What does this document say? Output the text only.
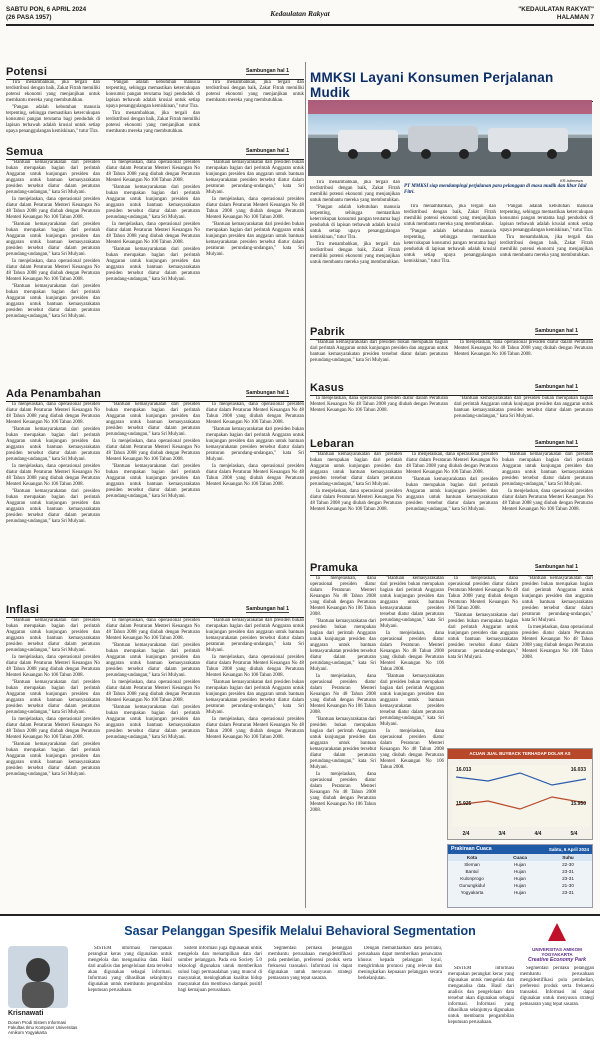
SABTU PON, 6 APRIL 2024
(26 PASA 1957)	Kedaulatan Rakyat	"KEDAULATAN RAKYAT"
HALAMAN 7
Potensi	Sambungan hal 1

Tira menambahkan, jika tergali dan terdistribusi dengan baik, Zakat Fitrah memiliki potensi ekonomi yang menjanjikan untuk membantu mereka yang membutuhkan.

"Pangan adalah kebutuhan manusia terpenting, sehingga memastikan ketercukupan konsumsi pangan terutama bagi penduduk di lapisan terbawah adalah krusial untuk setiap upaya penanggulangan kemiskinan," tutur Tira.

"Pangan adalah kebutuhan manusia terpenting, sehingga memastikan ketercukupan konsumsi pangan terutama bagi penduduk di lapisan terbawah adalah krusial untuk setiap upaya penanggulangan kemiskinan," tutur Tira.

Tira menambahkan, jika tergali dan terdistribusi dengan baik, Zakat Fitrah memiliki potensi ekonomi yang menjanjikan untuk membantu mereka yang membutuhkan.

Tira menambahkan, jika tergali dan terdistribusi dengan baik, Zakat Fitrah memiliki potensi ekonomi yang menjanjikan untuk membantu mereka yang membutuhkan.

Semua	Sambungan hal 1

"Bantuan kemasyarakatan dari presiden bukan merupakan bagian dari perintah Anggaran untuk kunjungan presiden dan anggaran untuk bantuan kemasyarakatan presiden tersebut diatur dalam peraturan perundang-undangan," kata Sri Mulyani.

Ia menjelaskan, dana operasional presiden diatur dalam Peraturan Menteri Keuangan No 48 Tahun 2008 yang diubah dengan Peraturan Menteri Keuangan No 106 Tahun 2008.

"Bantuan kemasyarakatan dari presiden bukan merupakan bagian dari perintah Anggaran untuk kunjungan presiden dan anggaran untuk bantuan kemasyarakatan presiden tersebut diatur dalam peraturan perundang-undangan," kata Sri Mulyani.

Ia menjelaskan, dana operasional presiden diatur dalam Peraturan Menteri Keuangan No 48 Tahun 2008 yang diubah dengan Peraturan Menteri Keuangan No 106 Tahun 2008.

"Bantuan kemasyarakatan dari presiden bukan merupakan bagian dari perintah Anggaran untuk kunjungan presiden dan anggaran untuk bantuan kemasyarakatan presiden tersebut diatur dalam peraturan perundang-undangan," kata Sri Mulyani.

Ia menjelaskan, dana operasional presiden diatur dalam Peraturan Menteri Keuangan No 48 Tahun 2008 yang diubah dengan Peraturan Menteri Keuangan No 106 Tahun 2008.

"Bantuan kemasyarakatan dari presiden bukan merupakan bagian dari perintah Anggaran untuk kunjungan presiden dan anggaran untuk bantuan kemasyarakatan presiden tersebut diatur dalam peraturan perundang-undangan," kata Sri Mulyani.

Ia menjelaskan, dana operasional presiden diatur dalam Peraturan Menteri Keuangan No 48 Tahun 2008 yang diubah dengan Peraturan Menteri Keuangan No 106 Tahun 2008.

"Bantuan kemasyarakatan dari presiden bukan merupakan bagian dari perintah Anggaran untuk kunjungan presiden dan anggaran untuk bantuan kemasyarakatan presiden tersebut diatur dalam peraturan perundang-undangan," kata Sri Mulyani.

"Bantuan kemasyarakatan dari presiden bukan merupakan bagian dari perintah Anggaran untuk kunjungan presiden dan anggaran untuk bantuan kemasyarakatan presiden tersebut diatur dalam peraturan perundang-undangan," kata Sri Mulyani.

Ia menjelaskan, dana operasional presiden diatur dalam Peraturan Menteri Keuangan No 48 Tahun 2008 yang diubah dengan Peraturan Menteri Keuangan No 106 Tahun 2008.

"Bantuan kemasyarakatan dari presiden bukan merupakan bagian dari perintah Anggaran untuk kunjungan presiden dan anggaran untuk bantuan kemasyarakatan presiden tersebut diatur dalam peraturan perundang-undangan," kata Sri Mulyani.

Ada Penambahan	Sambungan hal 1

Ia menjelaskan, dana operasional presiden diatur dalam Peraturan Menteri Keuangan No 48 Tahun 2008 yang diubah dengan Peraturan Menteri Keuangan No 106 Tahun 2008.

"Bantuan kemasyarakatan dari presiden bukan merupakan bagian dari perintah Anggaran untuk kunjungan presiden dan anggaran untuk bantuan kemasyarakatan presiden tersebut diatur dalam peraturan perundang-undangan," kata Sri Mulyani.

Ia menjelaskan, dana operasional presiden diatur dalam Peraturan Menteri Keuangan No 48 Tahun 2008 yang diubah dengan Peraturan Menteri Keuangan No 106 Tahun 2008.

"Bantuan kemasyarakatan dari presiden bukan merupakan bagian dari perintah Anggaran untuk kunjungan presiden dan anggaran untuk bantuan kemasyarakatan presiden tersebut diatur dalam peraturan perundang-undangan," kata Sri Mulyani.

"Bantuan kemasyarakatan dari presiden bukan merupakan bagian dari perintah Anggaran untuk kunjungan presiden dan anggaran untuk bantuan kemasyarakatan presiden tersebut diatur dalam peraturan perundang-undangan," kata Sri Mulyani.

Ia menjelaskan, dana operasional presiden diatur dalam Peraturan Menteri Keuangan No 48 Tahun 2008 yang diubah dengan Peraturan Menteri Keuangan No 106 Tahun 2008.

"Bantuan kemasyarakatan dari presiden bukan merupakan bagian dari perintah Anggaran untuk kunjungan presiden dan anggaran untuk bantuan kemasyarakatan presiden tersebut diatur dalam peraturan perundang-undangan," kata Sri Mulyani.

Ia menjelaskan, dana operasional presiden diatur dalam Peraturan Menteri Keuangan No 48 Tahun 2008 yang diubah dengan Peraturan Menteri Keuangan No 106 Tahun 2008.

"Bantuan kemasyarakatan dari presiden bukan merupakan bagian dari perintah Anggaran untuk kunjungan presiden dan anggaran untuk bantuan kemasyarakatan presiden tersebut diatur dalam peraturan perundang-undangan," kata Sri Mulyani.

Ia menjelaskan, dana operasional presiden diatur dalam Peraturan Menteri Keuangan No 48 Tahun 2008 yang diubah dengan Peraturan Menteri Keuangan No 106 Tahun 2008.

Inflasi	Sambungan hal 1

"Bantuan kemasyarakatan dari presiden bukan merupakan bagian dari perintah Anggaran untuk kunjungan presiden dan anggaran untuk bantuan kemasyarakatan presiden tersebut diatur dalam peraturan perundang-undangan," kata Sri Mulyani.

Ia menjelaskan, dana operasional presiden diatur dalam Peraturan Menteri Keuangan No 48 Tahun 2008 yang diubah dengan Peraturan Menteri Keuangan No 106 Tahun 2008.

"Bantuan kemasyarakatan dari presiden bukan merupakan bagian dari perintah Anggaran untuk kunjungan presiden dan anggaran untuk bantuan kemasyarakatan presiden tersebut diatur dalam peraturan perundang-undangan," kata Sri Mulyani.

Ia menjelaskan, dana operasional presiden diatur dalam Peraturan Menteri Keuangan No 48 Tahun 2008 yang diubah dengan Peraturan Menteri Keuangan No 106 Tahun 2008.

"Bantuan kemasyarakatan dari presiden bukan merupakan bagian dari perintah Anggaran untuk kunjungan presiden dan anggaran untuk bantuan kemasyarakatan presiden tersebut diatur dalam peraturan perundang-undangan," kata Sri Mulyani.

Ia menjelaskan, dana operasional presiden diatur dalam Peraturan Menteri Keuangan No 48 Tahun 2008 yang diubah dengan Peraturan Menteri Keuangan No 106 Tahun 2008.

"Bantuan kemasyarakatan dari presiden bukan merupakan bagian dari perintah Anggaran untuk kunjungan presiden dan anggaran untuk bantuan kemasyarakatan presiden tersebut diatur dalam peraturan perundang-undangan," kata Sri Mulyani.

Ia menjelaskan, dana operasional presiden diatur dalam Peraturan Menteri Keuangan No 48 Tahun 2008 yang diubah dengan Peraturan Menteri Keuangan No 106 Tahun 2008.

"Bantuan kemasyarakatan dari presiden bukan merupakan bagian dari perintah Anggaran untuk kunjungan presiden dan anggaran untuk bantuan kemasyarakatan presiden tersebut diatur dalam peraturan perundang-undangan," kata Sri Mulyani.

"Bantuan kemasyarakatan dari presiden bukan merupakan bagian dari perintah Anggaran untuk kunjungan presiden dan anggaran untuk bantuan kemasyarakatan presiden tersebut diatur dalam peraturan perundang-undangan," kata Sri Mulyani.

Ia menjelaskan, dana operasional presiden diatur dalam Peraturan Menteri Keuangan No 48 Tahun 2008 yang diubah dengan Peraturan Menteri Keuangan No 106 Tahun 2008.

"Bantuan kemasyarakatan dari presiden bukan merupakan bagian dari perintah Anggaran untuk kunjungan presiden dan anggaran untuk bantuan kemasyarakatan presiden tersebut diatur dalam peraturan perundang-undangan," kata Sri Mulyani.

Ia menjelaskan, dana operasional presiden diatur dalam Peraturan Menteri Keuangan No 48 Tahun 2008 yang diubah dengan Peraturan Menteri Keuangan No 106 Tahun 2008.

MMKSI Layani Konsumen Perjalanan Mudik
KR-Istimewa
PT MMKSI siap mendampingi perjalanan para pelanggan di masa mudik dan libur Idul Fitri.

Tira menambahkan, jika tergali dan terdistribusi dengan baik, Zakat Fitrah memiliki potensi ekonomi yang menjanjikan untuk membantu mereka yang membutuhkan.

"Pangan adalah kebutuhan manusia terpenting, sehingga memastikan ketercukupan konsumsi pangan terutama bagi penduduk di lapisan terbawah adalah krusial untuk setiap upaya penanggulangan kemiskinan," tutur Tira.

"Pangan adalah kebutuhan manusia terpenting, sehingga memastikan ketercukupan konsumsi pangan terutama bagi penduduk di lapisan terbawah adalah krusial untuk setiap upaya penanggulangan kemiskinan," tutur Tira.

Tira menambahkan, jika tergali dan terdistribusi dengan baik, Zakat Fitrah memiliki potensi ekonomi yang menjanjikan untuk membantu mereka yang membutuhkan.

Tira menambahkan, jika tergali dan terdistribusi dengan baik, Zakat Fitrah memiliki potensi ekonomi yang menjanjikan untuk membantu mereka yang membutuhkan.

"Pangan adalah kebutuhan manusia terpenting, sehingga memastikan ketercukupan konsumsi pangan terutama bagi penduduk di lapisan terbawah adalah krusial untuk setiap upaya penanggulangan kemiskinan," tutur Tira.

Tira menambahkan, jika tergali dan terdistribusi dengan baik, Zakat Fitrah memiliki potensi ekonomi yang menjanjikan untuk membantu mereka yang membutuhkan.

Pabrik	Sambungan hal 1

"Bantuan kemasyarakatan dari presiden bukan merupakan bagian dari perintah Anggaran untuk kunjungan presiden dan anggaran untuk bantuan kemasyarakatan presiden tersebut diatur dalam peraturan perundang-undangan," kata Sri Mulyani.

Ia menjelaskan, dana operasional presiden diatur dalam Peraturan Menteri Keuangan No 48 Tahun 2008 yang diubah dengan Peraturan Menteri Keuangan No 106 Tahun 2008.

Kasus	Sambungan hal 1

Ia menjelaskan, dana operasional presiden diatur dalam Peraturan Menteri Keuangan No 48 Tahun 2008 yang diubah dengan Peraturan Menteri Keuangan No 106 Tahun 2008.

"Bantuan kemasyarakatan dari presiden bukan merupakan bagian dari perintah Anggaran untuk kunjungan presiden dan anggaran untuk bantuan kemasyarakatan presiden tersebut diatur dalam peraturan perundang-undangan," kata Sri Mulyani.

Lebaran	Sambungan hal 1

"Bantuan kemasyarakatan dari presiden bukan merupakan bagian dari perintah Anggaran untuk kunjungan presiden dan anggaran untuk bantuan kemasyarakatan presiden tersebut diatur dalam peraturan perundang-undangan," kata Sri Mulyani.

Ia menjelaskan, dana operasional presiden diatur dalam Peraturan Menteri Keuangan No 48 Tahun 2008 yang diubah dengan Peraturan Menteri Keuangan No 106 Tahun 2008.

Ia menjelaskan, dana operasional presiden diatur dalam Peraturan Menteri Keuangan No 48 Tahun 2008 yang diubah dengan Peraturan Menteri Keuangan No 106 Tahun 2008.

"Bantuan kemasyarakatan dari presiden bukan merupakan bagian dari perintah Anggaran untuk kunjungan presiden dan anggaran untuk bantuan kemasyarakatan presiden tersebut diatur dalam peraturan perundang-undangan," kata Sri Mulyani.

"Bantuan kemasyarakatan dari presiden bukan merupakan bagian dari perintah Anggaran untuk kunjungan presiden dan anggaran untuk bantuan kemasyarakatan presiden tersebut diatur dalam peraturan perundang-undangan," kata Sri Mulyani.

Ia menjelaskan, dana operasional presiden diatur dalam Peraturan Menteri Keuangan No 48 Tahun 2008 yang diubah dengan Peraturan Menteri Keuangan No 106 Tahun 2008.

Pramuka	Sambungan hal 1

Ia menjelaskan, dana operasional presiden diatur dalam Peraturan Menteri Keuangan No 48 Tahun 2008 yang diubah dengan Peraturan Menteri Keuangan No 106 Tahun 2008.

"Bantuan kemasyarakatan dari presiden bukan merupakan bagian dari perintah Anggaran untuk kunjungan presiden dan anggaran untuk bantuan kemasyarakatan presiden tersebut diatur dalam peraturan perundang-undangan," kata Sri Mulyani.

Ia menjelaskan, dana operasional presiden diatur dalam Peraturan Menteri Keuangan No 48 Tahun 2008 yang diubah dengan Peraturan Menteri Keuangan No 106 Tahun 2008.

"Bantuan kemasyarakatan dari presiden bukan merupakan bagian dari perintah Anggaran untuk kunjungan presiden dan anggaran untuk bantuan kemasyarakatan presiden tersebut diatur dalam peraturan perundang-undangan," kata Sri Mulyani.

Ia menjelaskan, dana operasional presiden diatur dalam Peraturan Menteri Keuangan No 48 Tahun 2008 yang diubah dengan Peraturan Menteri Keuangan No 106 Tahun 2008.

"Bantuan kemasyarakatan dari presiden bukan merupakan bagian dari perintah Anggaran untuk kunjungan presiden dan anggaran untuk bantuan kemasyarakatan presiden tersebut diatur dalam peraturan perundang-undangan," kata Sri Mulyani.

Ia menjelaskan, dana operasional presiden diatur dalam Peraturan Menteri Keuangan No 48 Tahun 2008 yang diubah dengan Peraturan Menteri Keuangan No 106 Tahun 2008.

"Bantuan kemasyarakatan dari presiden bukan merupakan bagian dari perintah Anggaran untuk kunjungan presiden dan anggaran untuk bantuan kemasyarakatan presiden tersebut diatur dalam peraturan perundang-undangan," kata Sri Mulyani.

Ia menjelaskan, dana operasional presiden diatur dalam Peraturan Menteri Keuangan No 48 Tahun 2008 yang diubah dengan Peraturan Menteri Keuangan No 106 Tahun 2008.

Ia menjelaskan, dana operasional presiden diatur dalam Peraturan Menteri Keuangan No 48 Tahun 2008 yang diubah dengan Peraturan Menteri Keuangan No 106 Tahun 2008.

"Bantuan kemasyarakatan dari presiden bukan merupakan bagian dari perintah Anggaran untuk kunjungan presiden dan anggaran untuk bantuan kemasyarakatan presiden tersebut diatur dalam peraturan perundang-undangan," kata Sri Mulyani.

"Bantuan kemasyarakatan dari presiden bukan merupakan bagian dari perintah Anggaran untuk kunjungan presiden dan anggaran untuk bantuan kemasyarakatan presiden tersebut diatur dalam peraturan perundang-undangan," kata Sri Mulyani.

Ia menjelaskan, dana operasional presiden diatur dalam Peraturan Menteri Keuangan No 48 Tahun 2008 yang diubah dengan Peraturan Menteri Keuangan No 106 Tahun 2008.

ACUAN JUAL BUYBACK TERHADAP DOLAR AS
16.013
15.925
16.033
15.950
2/4	3/4	4/4	5/4
Prakiraan Cuaca	Sabtu, 6 April 2024
Kota	Cuaca	Suhu
Sleman	Hujan	22-30
Bantul	Hujan	23-31
Kulonprogo	Hujan	23-31
Gunungkidul	Hujan	21-30
Yogyakarta	Hujan	23-31
Sasar Pelanggan Spesifik Melalui Behavioral Segmentation
Krisnawati
Dosen Prodi Sistem Informasi Fakultas Ilmu Komputer Universitas Amikom Yogyakarta

SISTEM informasi merupakan perangkat keras yang digunakan untuk mengelola dan menganalisa data. Hasil dari analisis dan pengelolaan data tersebut akan digunakan sebagai informasi. Informasi yang dihasilkan selanjutnya digunakan untuk membantu pengambilan keputusan perusahaan.

Sistem informasi juga digunakan untuk mengelola dan menampilkan data dari sumber pelanggan. Pada era Society 5.0 teknologi digunakan untuk memberikan solusi bagi permasalahan yang muncul di masyarakat, meningkatkan kualitas hidup masyarakat dan membawa dampak positif bagi kemajuan perusahaan.

Segmentasi perilaku pelanggan membantu perusahaan mengidentifikasi pola pembelian, preferensi produk serta frekuensi transaksi. Informasi ini dapat digunakan untuk menyusun strategi pemasaran yang tepat sasaran.

Dengan memanfaatkan data perilaku, perusahaan dapat memberikan penawaran khusus kepada pelanggan loyal, mengirimkan promosi yang relevan dan meningkatkan kepuasan pelanggan secara berkelanjutan.

SISTEM informasi merupakan perangkat keras yang digunakan untuk mengelola dan menganalisa data. Hasil dari analisis dan pengelolaan data tersebut akan digunakan sebagai informasi. Informasi yang dihasilkan selanjutnya digunakan untuk membantu pengambilan keputusan perusahaan.

UNIVERSITAS AMIKOM YOGYAKARTA
Creative Economy Park

Segmentasi perilaku pelanggan membantu perusahaan mengidentifikasi pola pembelian, preferensi produk serta frekuensi transaksi. Informasi ini dapat digunakan untuk menyusun strategi pemasaran yang tepat sasaran.
